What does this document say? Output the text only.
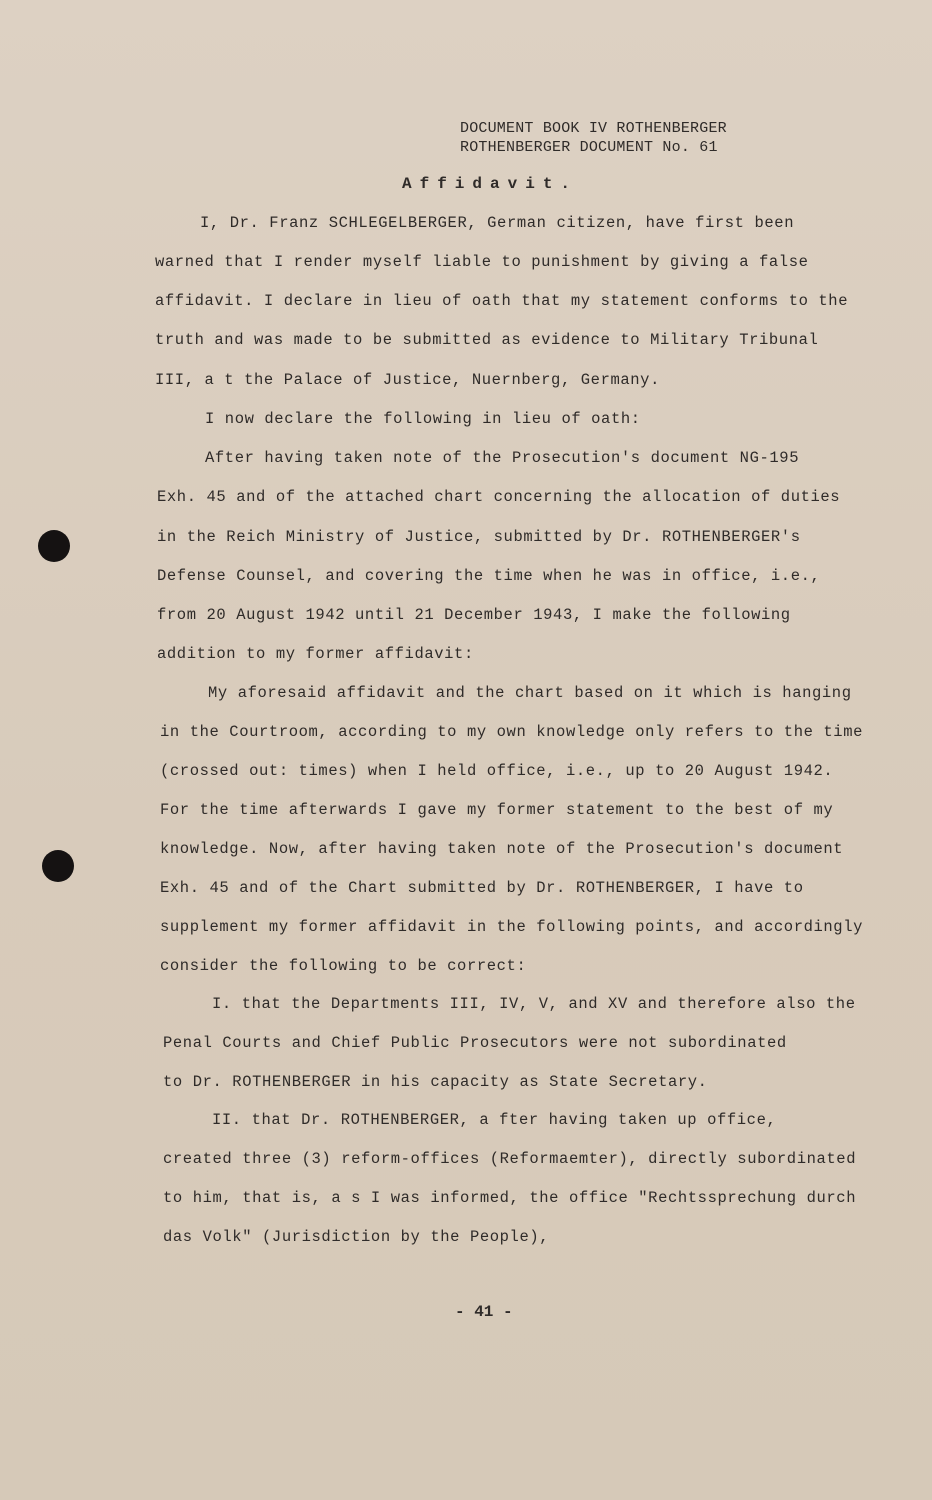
DOCUMENT BOOK IV ROTHENBERGER
ROTHENBERGER DOCUMENT No. 61
Affidavit.
I, Dr. Franz SCHLEGELBERGER, German citizen, have first been
warned that I render myself liable to punishment by giving a false
affidavit. I declare in lieu of oath that my statement conforms to the
truth and was made to be submitted as evidence to Military Tribunal
III, a t the Palace of Justice, Nuernberg, Germany.
I now declare the following in lieu of oath:
After having taken note of the Prosecution's document NG-195
Exh. 45 and of the attached chart concerning the allocation of duties
in the Reich Ministry of Justice, submitted by Dr. ROTHENBERGER's
Defense Counsel, and covering the time when he was in office, i.e.,
from 20 August 1942 until 21 December 1943, I make the following
addition to my former affidavit:
My aforesaid affidavit and the chart based on it which is hanging
in the Courtroom, according to my own knowledge only refers to the time
(crossed out: times) when I held office, i.e., up to 20 August 1942.
For the time afterwards I gave my former statement to the best of my
knowledge. Now, after having taken note of the Prosecution's document
Exh. 45 and of the Chart submitted by Dr. ROTHENBERGER, I have to
supplement my former affidavit in the following points, and accordingly
consider the following to be correct:
I. that the Departments III, IV, V, and XV and therefore also the
Penal Courts and Chief Public Prosecutors were not subordinated
to Dr. ROTHENBERGER in his capacity as State Secretary.
II. that Dr. ROTHENBERGER, a fter having taken up office,
created three (3) reform-offices (Reformaemter), directly subordinated
to him, that is, a s I was informed, the office "Rechtssprechung durch
das Volk" (Jurisdiction by the People),
- 41 -
